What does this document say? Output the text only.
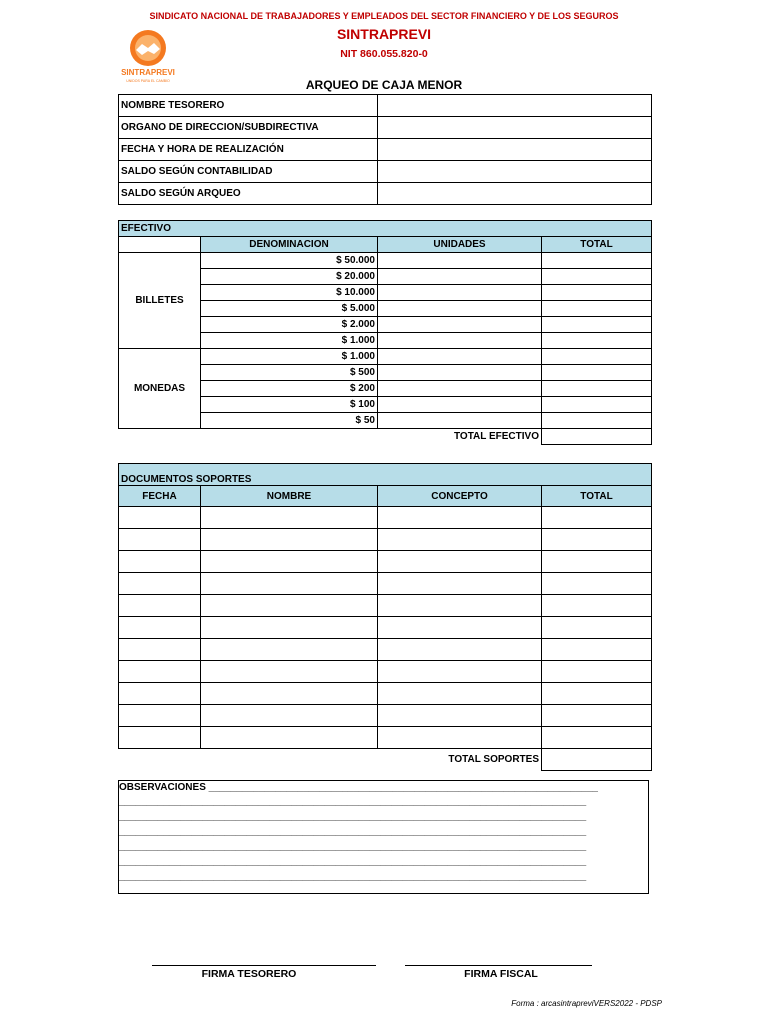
SINDICATO NACIONAL DE TRABAJADORES Y EMPLEADOS DEL SECTOR FINANCIERO Y DE LOS SEGUROS
SINTRAPREVI
NIT 860.055.820-0
SINTRAPREVI
UNIDOS PARA EL CAMBIO	ARQUEO DE CAJA MENOR
NOMBRE TESORERO	
ORGANO DE DIRECCION/SUBDIRECTIVA	
FECHA Y HORA DE REALIZACIÓN	
SALDO SEGÚN CONTABILIDAD	
SALDO SEGÚN ARQUEO	
EFECTIVO			
	DENOMINACION	UNIDADES	TOTAL
BILLETES	$ 50.000		
	$ 20.000		
	$ 10.000		
	$ 5.000		
	$ 2.000		
	$ 1.000		
MONEDAS	$ 1.000		
	$ 500		
	$ 200		
	$ 100		
	$ 50		
		TOTAL EFECTIVO	
DOCUMENTOS SOPORTES			
FECHA	NOMBRE	CONCEPTO	TOTAL

		TOTAL SOPORTES	
OBSERVACIONES ______________________________________________________________________
____________________________________________________________________________________
____________________________________________________________________________________
____________________________________________________________________________________
____________________________________________________________________________________
____________________________________________________________________________________
____________________________________________________________________________________
FIRMA TESORERO	FIRMA FISCAL
Forma : arcasintrapreviVERS2022 - PDSP
